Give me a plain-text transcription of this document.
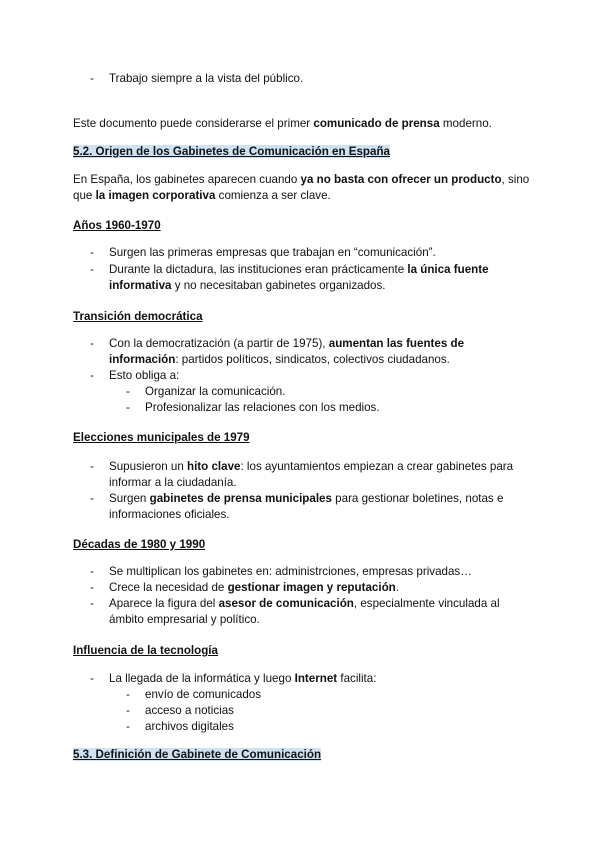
-	Trabajo siempre a la vista del público.
Este documento puede considerarse el primer comunicado de prensa moderno.
5.2. Origen de los Gabinetes de Comunicación en España
En España, los gabinetes aparecen cuando ya no basta con ofrecer un producto, sino que la imagen corporativa comienza a ser clave.
Años 1960-1970
-	Surgen las primeras empresas que trabajan en “comunicación”.
-	Durante la dictadura, las instituciones eran prácticamente la única fuente informativa y no necesitaban gabinetes organizados.
Transición democrática
-	Con la democratización (a partir de 1975), aumentan las fuentes de información: partidos políticos, sindicatos, colectivos ciudadanos.
-	Esto obliga a:
-	Organizar la comunicación.
-	Profesionalizar las relaciones con los medios.
Elecciones municipales de 1979
-	Supusieron un hito clave: los ayuntamientos empiezan a crear gabinetes para informar a la ciudadanía.
-	Surgen gabinetes de prensa municipales para gestionar boletines, notas e informaciones oficiales.
Décadas de 1980 y 1990
-	Se multiplican los gabinetes en: administrciones, empresas privadas…
-	Crece la necesidad de gestionar imagen y reputación.
-	Aparece la figura del asesor de comunicación, especialmente vinculada al ámbito empresarial y político.
Influencia de la tecnología
-	La llegada de la informática y luego Internet facilita:
-	envío de comunicados
-	acceso a noticias
-	archivos digitales
5.3. Definición de Gabinete de Comunicación
